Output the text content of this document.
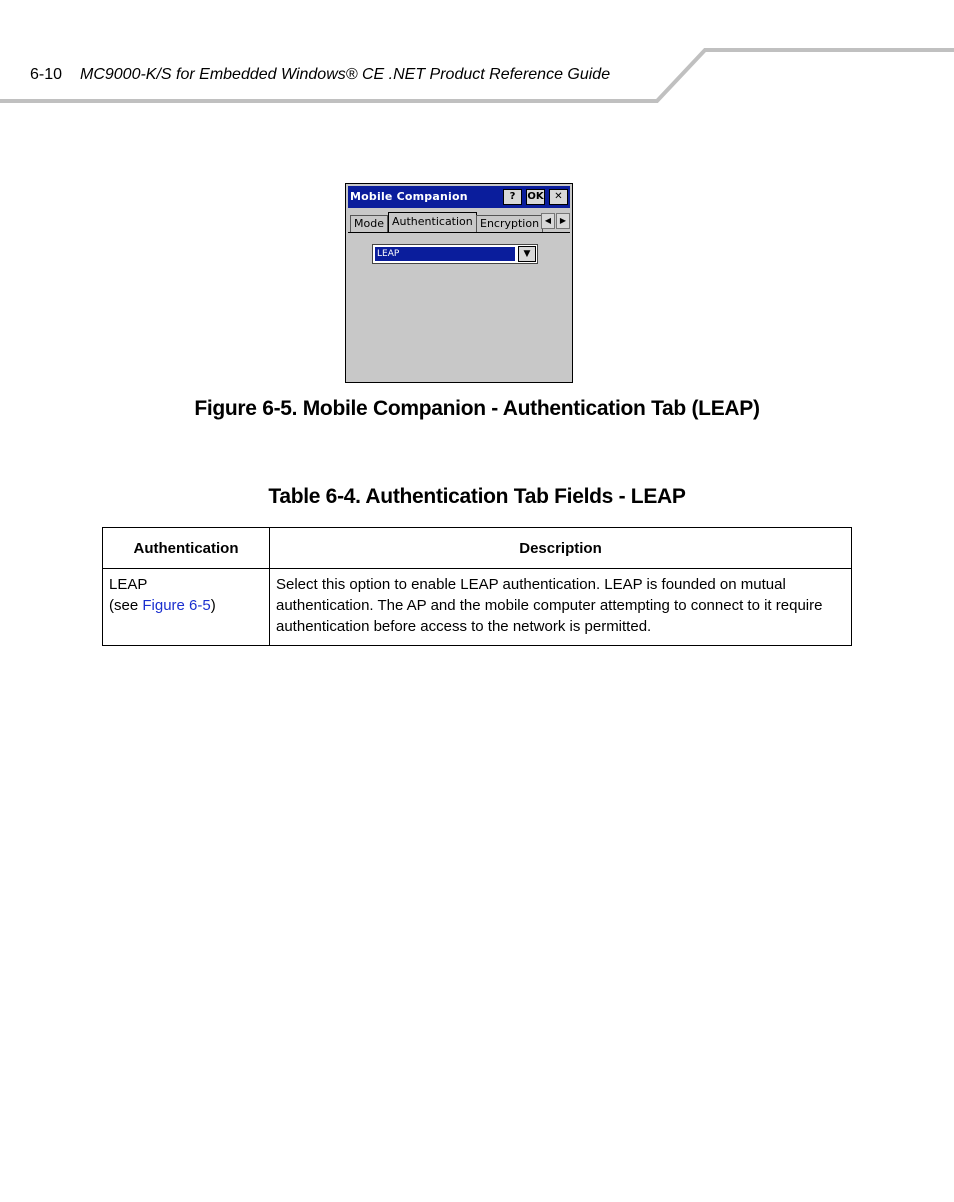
6-10 MC9000-K/S for Embedded Windows® CE .NET Product Reference Guide
Mobile Companion	?	OK	✕
Mode Authentication Encryption ◀	▶
LEAP	▼
Figure 6-5. Mobile Companion - Authentication Tab (LEAP)
Table 6-4. Authentication Tab Fields - LEAP
Authentication	Description
LEAP
(see Figure 6-5)	Select this option to enable LEAP authentication. LEAP is founded on mutual authentication. The AP and the mobile computer attempting to connect to it require authentication before access to the network is permitted.
